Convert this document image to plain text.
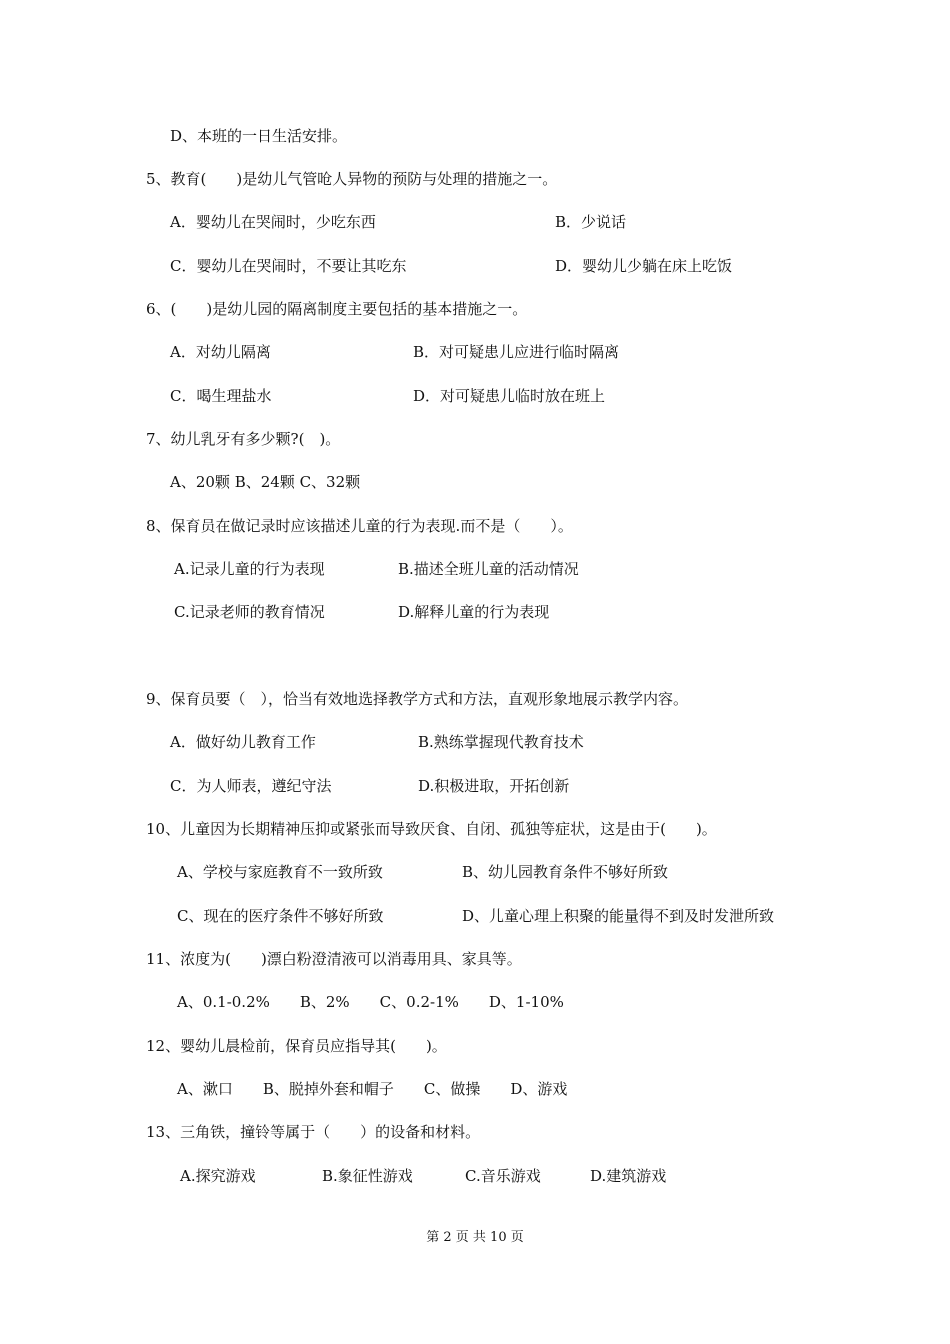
D、本班的一日生活安排。
5、教育(　　)是幼儿气管呛人异物的预防与处理的措施之一。
A．婴幼儿在哭闹时，少吃东西	B．少说话
C．婴幼儿在哭闹时，不要让其吃东	D．婴幼儿少躺在床上吃饭
6、(　　)是幼儿园的隔离制度主要包括的基本措施之一。
A．对幼儿隔离	B．对可疑患儿应进行临时隔离
C．喝生理盐水	D．对可疑患儿临时放在班上
7、幼儿乳牙有多少颗?(　)。
A、20颗 B、24颗 C、32颗
8、保育员在做记录时应该描述儿童的行为表现.而不是（　　）。
A.记录儿童的行为表现	B.描述全班儿童的活动情况
C.记录老师的教育情况	D.解释儿童的行为表现
9、保育员要（　），恰当有效地选择教学方式和方法，直观形象地展示教学内容。
A．做好幼儿教育工作	B.熟练掌握现代教育技术
C．为人师表，遵纪守法	D.积极进取，开拓创新
10、儿童因为长期精神压抑或紧张而导致厌食、自闭、孤独等症状，这是由于(　　)。
A、学校与家庭教育不一致所致	B、幼儿园教育条件不够好所致
C、现在的医疗条件不够好所致	D、儿童心理上积聚的能量得不到及时发泄所致
11、浓度为(　　)漂白粉澄清液可以消毒用具、家具等。
A、0.1-0.2%　　B、2%　　C、0.2-1%　　D、1-10%
12、婴幼儿晨检前，保育员应指导其(　　)。
A、漱口　　B、脱掉外套和帽子　　C、做操　　D、游戏
13、三角铁，撞铃等属于（　　）的设备和材料。
A.探究游戏	B.象征性游戏	C.音乐游戏	D.建筑游戏
第 2 页 共 10 页
